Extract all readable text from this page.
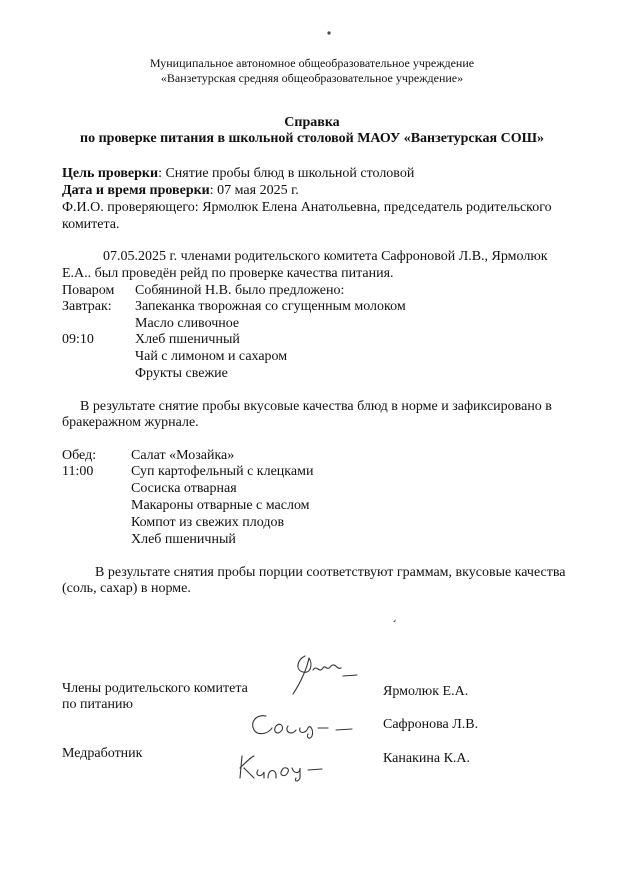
Муниципальное автономное общеобразовательное учреждение
«Ванзетурская средняя общеобразовательное учреждение»
Справка
по проверке питания в школьной столовой МАОУ «Ванзетурская СОШ»
Цель проверки: Снятие пробы блюд в школьной столовой
Дата и время проверки: 07 мая 2025 г.
Ф.И.О. проверяющего: Ярмолюк Елена Анатольевна, председатель родительского
комитета.
07.05.2025 г. членами родительского комитета Сафроновой Л.В., Ярмолюк
Е.А.. был проведён рейд по проверке качества питания.
Поваром Собяниной Н.В. было предложено:
Завтрак:
09:10
Запеканка творожная со сгущенным молоком
Масло сливочное
Хлеб пшеничный
Чай с лимоном и сахаром
Фрукты свежие
В результате снятие пробы вкусовые качества блюд в норме и зафиксировано в
бракеражном журнале.
Обед:
11:00
Салат «Мозайка»
Суп картофельный с клецками
Сосиска отварная
Макароны отварные с маслом
Компот из свежих плодов
Хлеб пшеничный
В результате снятия пробы порции соответствуют граммам, вкусовые качества
(соль, сахар) в норме.
Члены родительского комитета
по питанию
Медработник
Ярмолюк Е.А.
Сафронова Л.В.
Канакина К.А.
